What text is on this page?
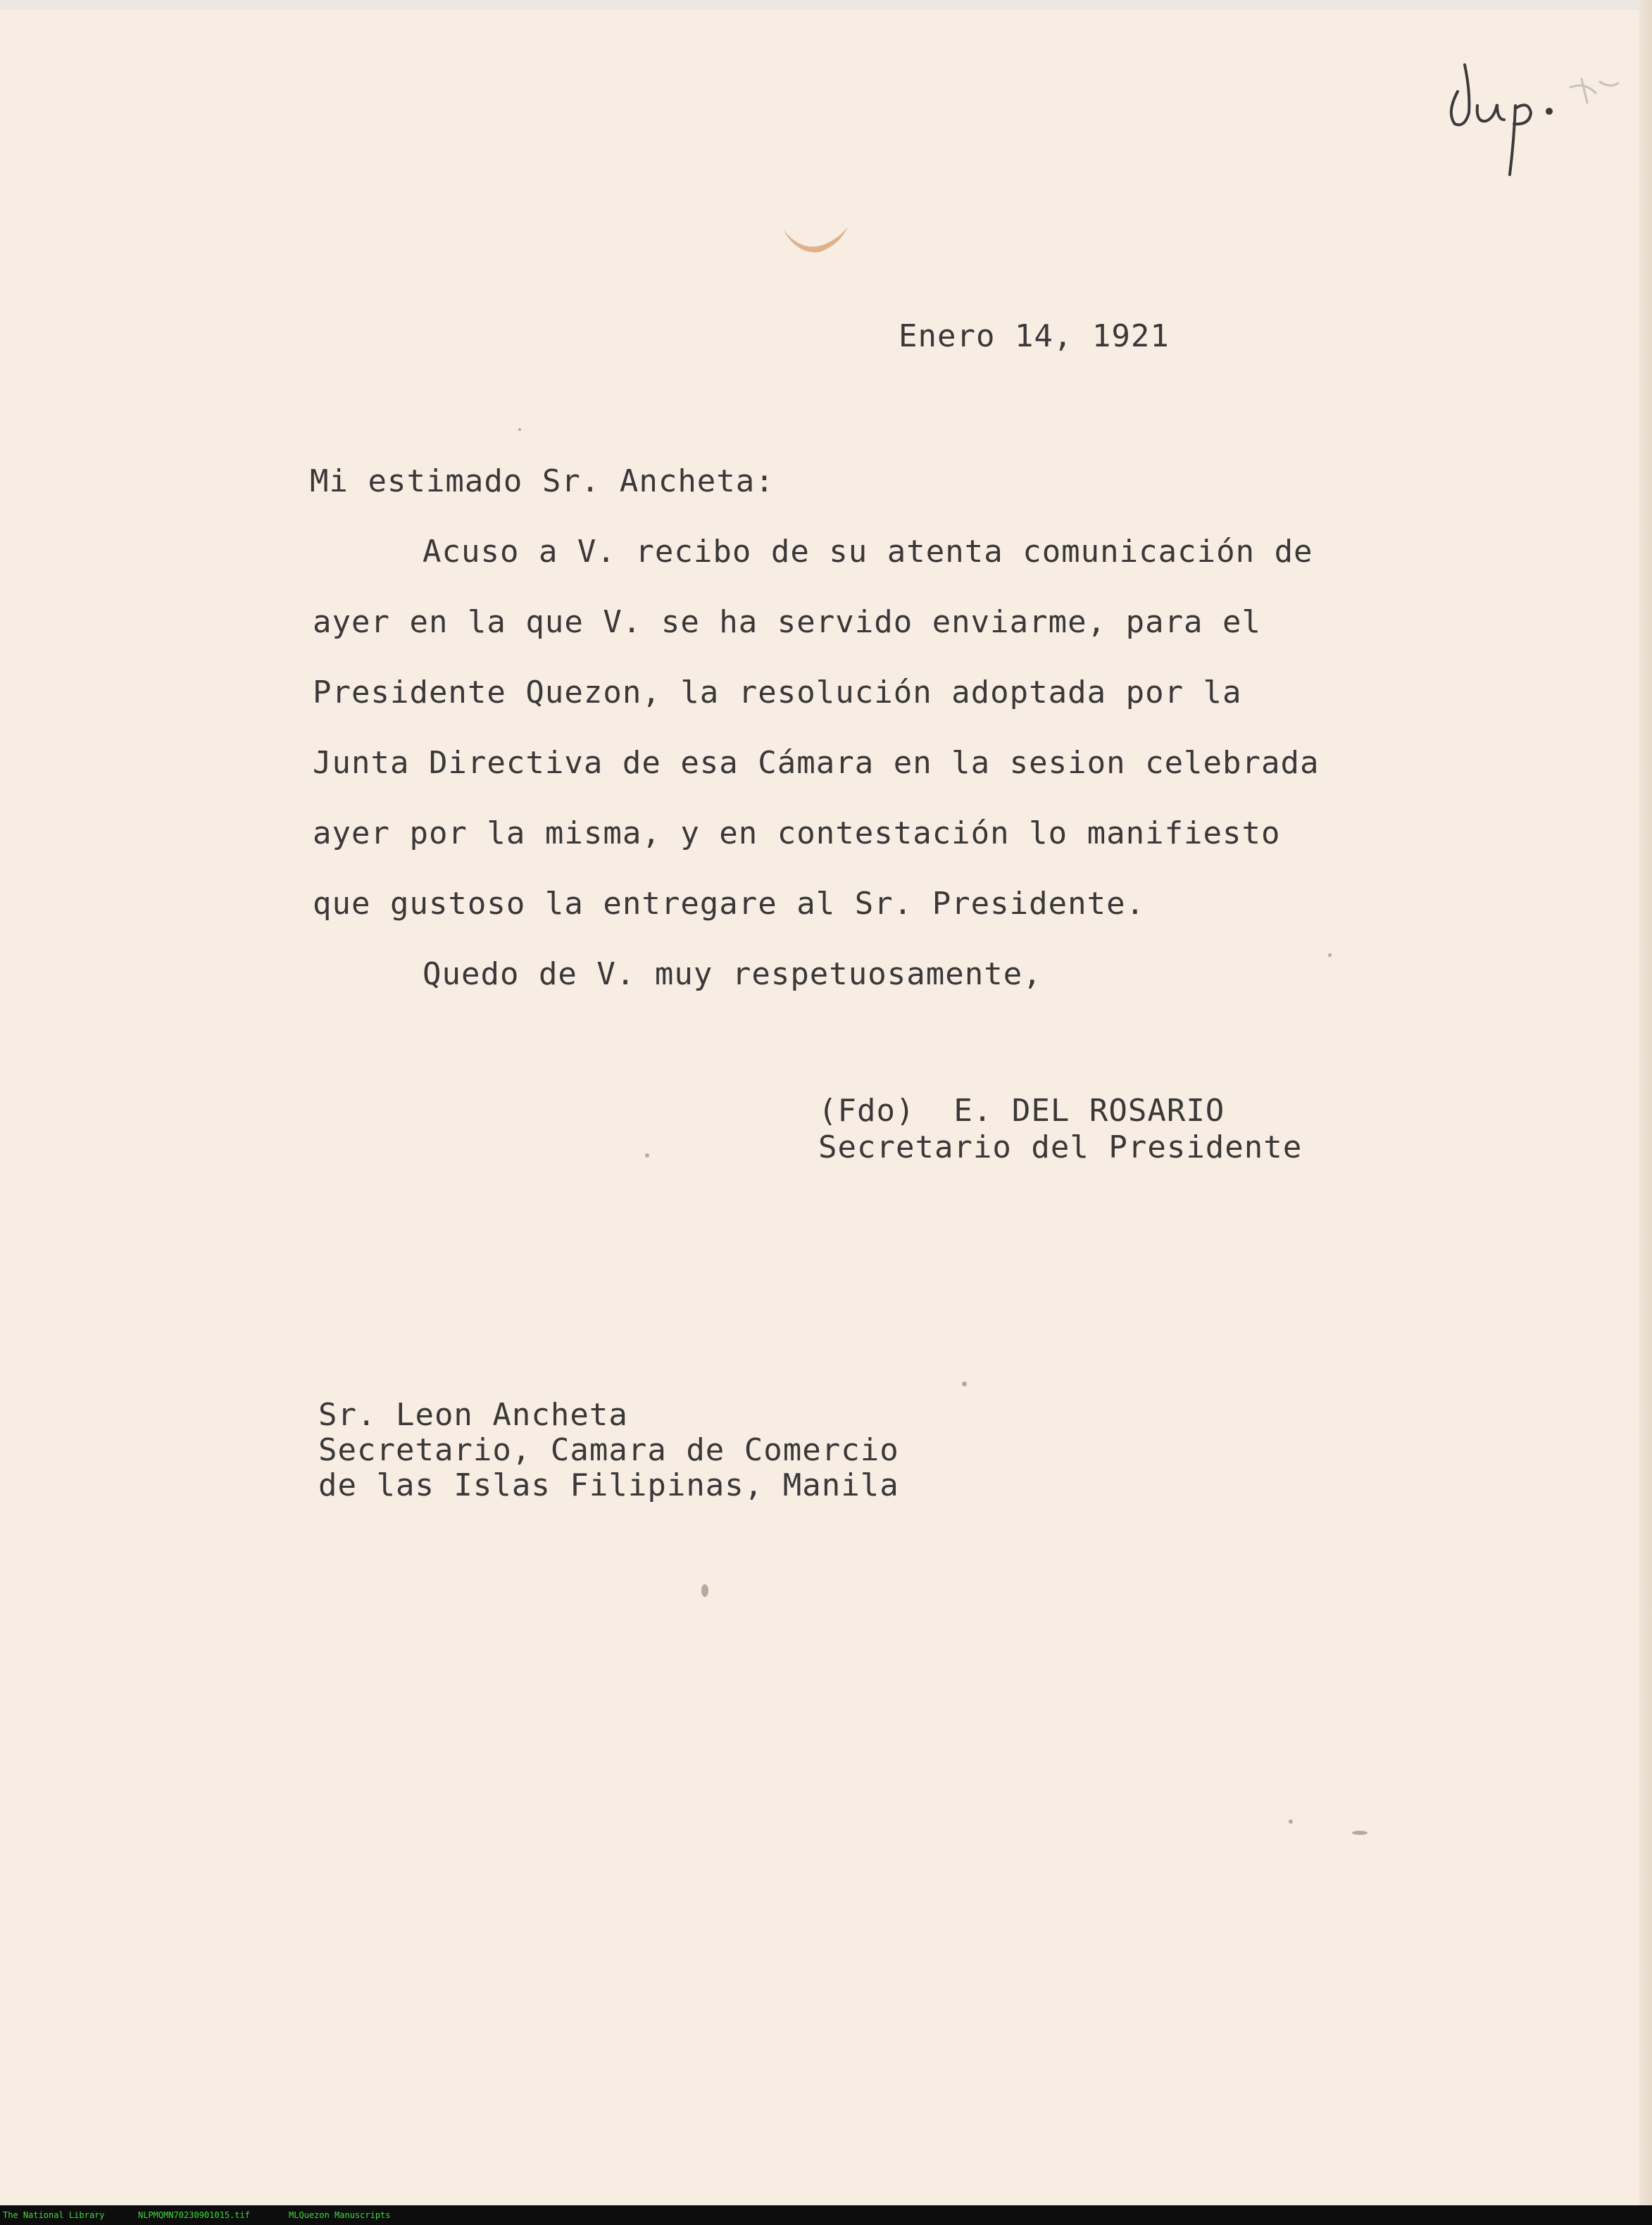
Enero 14, 1921
Mi estimado Sr. Ancheta:
Acuso a V. recibo de su atenta comunicación de
ayer en la que V. se ha servido enviarme, para el
Presidente Quezon, la resolución adoptada por la
Junta Directiva de esa Cámara en la sesion celebrada
ayer por la misma, y en contestación lo manifiesto
que gustoso la entregare al Sr. Presidente.
Quedo de V. muy respetuosamente,
(Fdo)  E. DEL ROSARIO
Secretario del Presidente
Sr. Leon Ancheta
Secretario, Camara de Comercio
de las Islas Filipinas, Manila
The National Library	NLPMQMN70230901015.tif	MLQuezon Manuscripts
